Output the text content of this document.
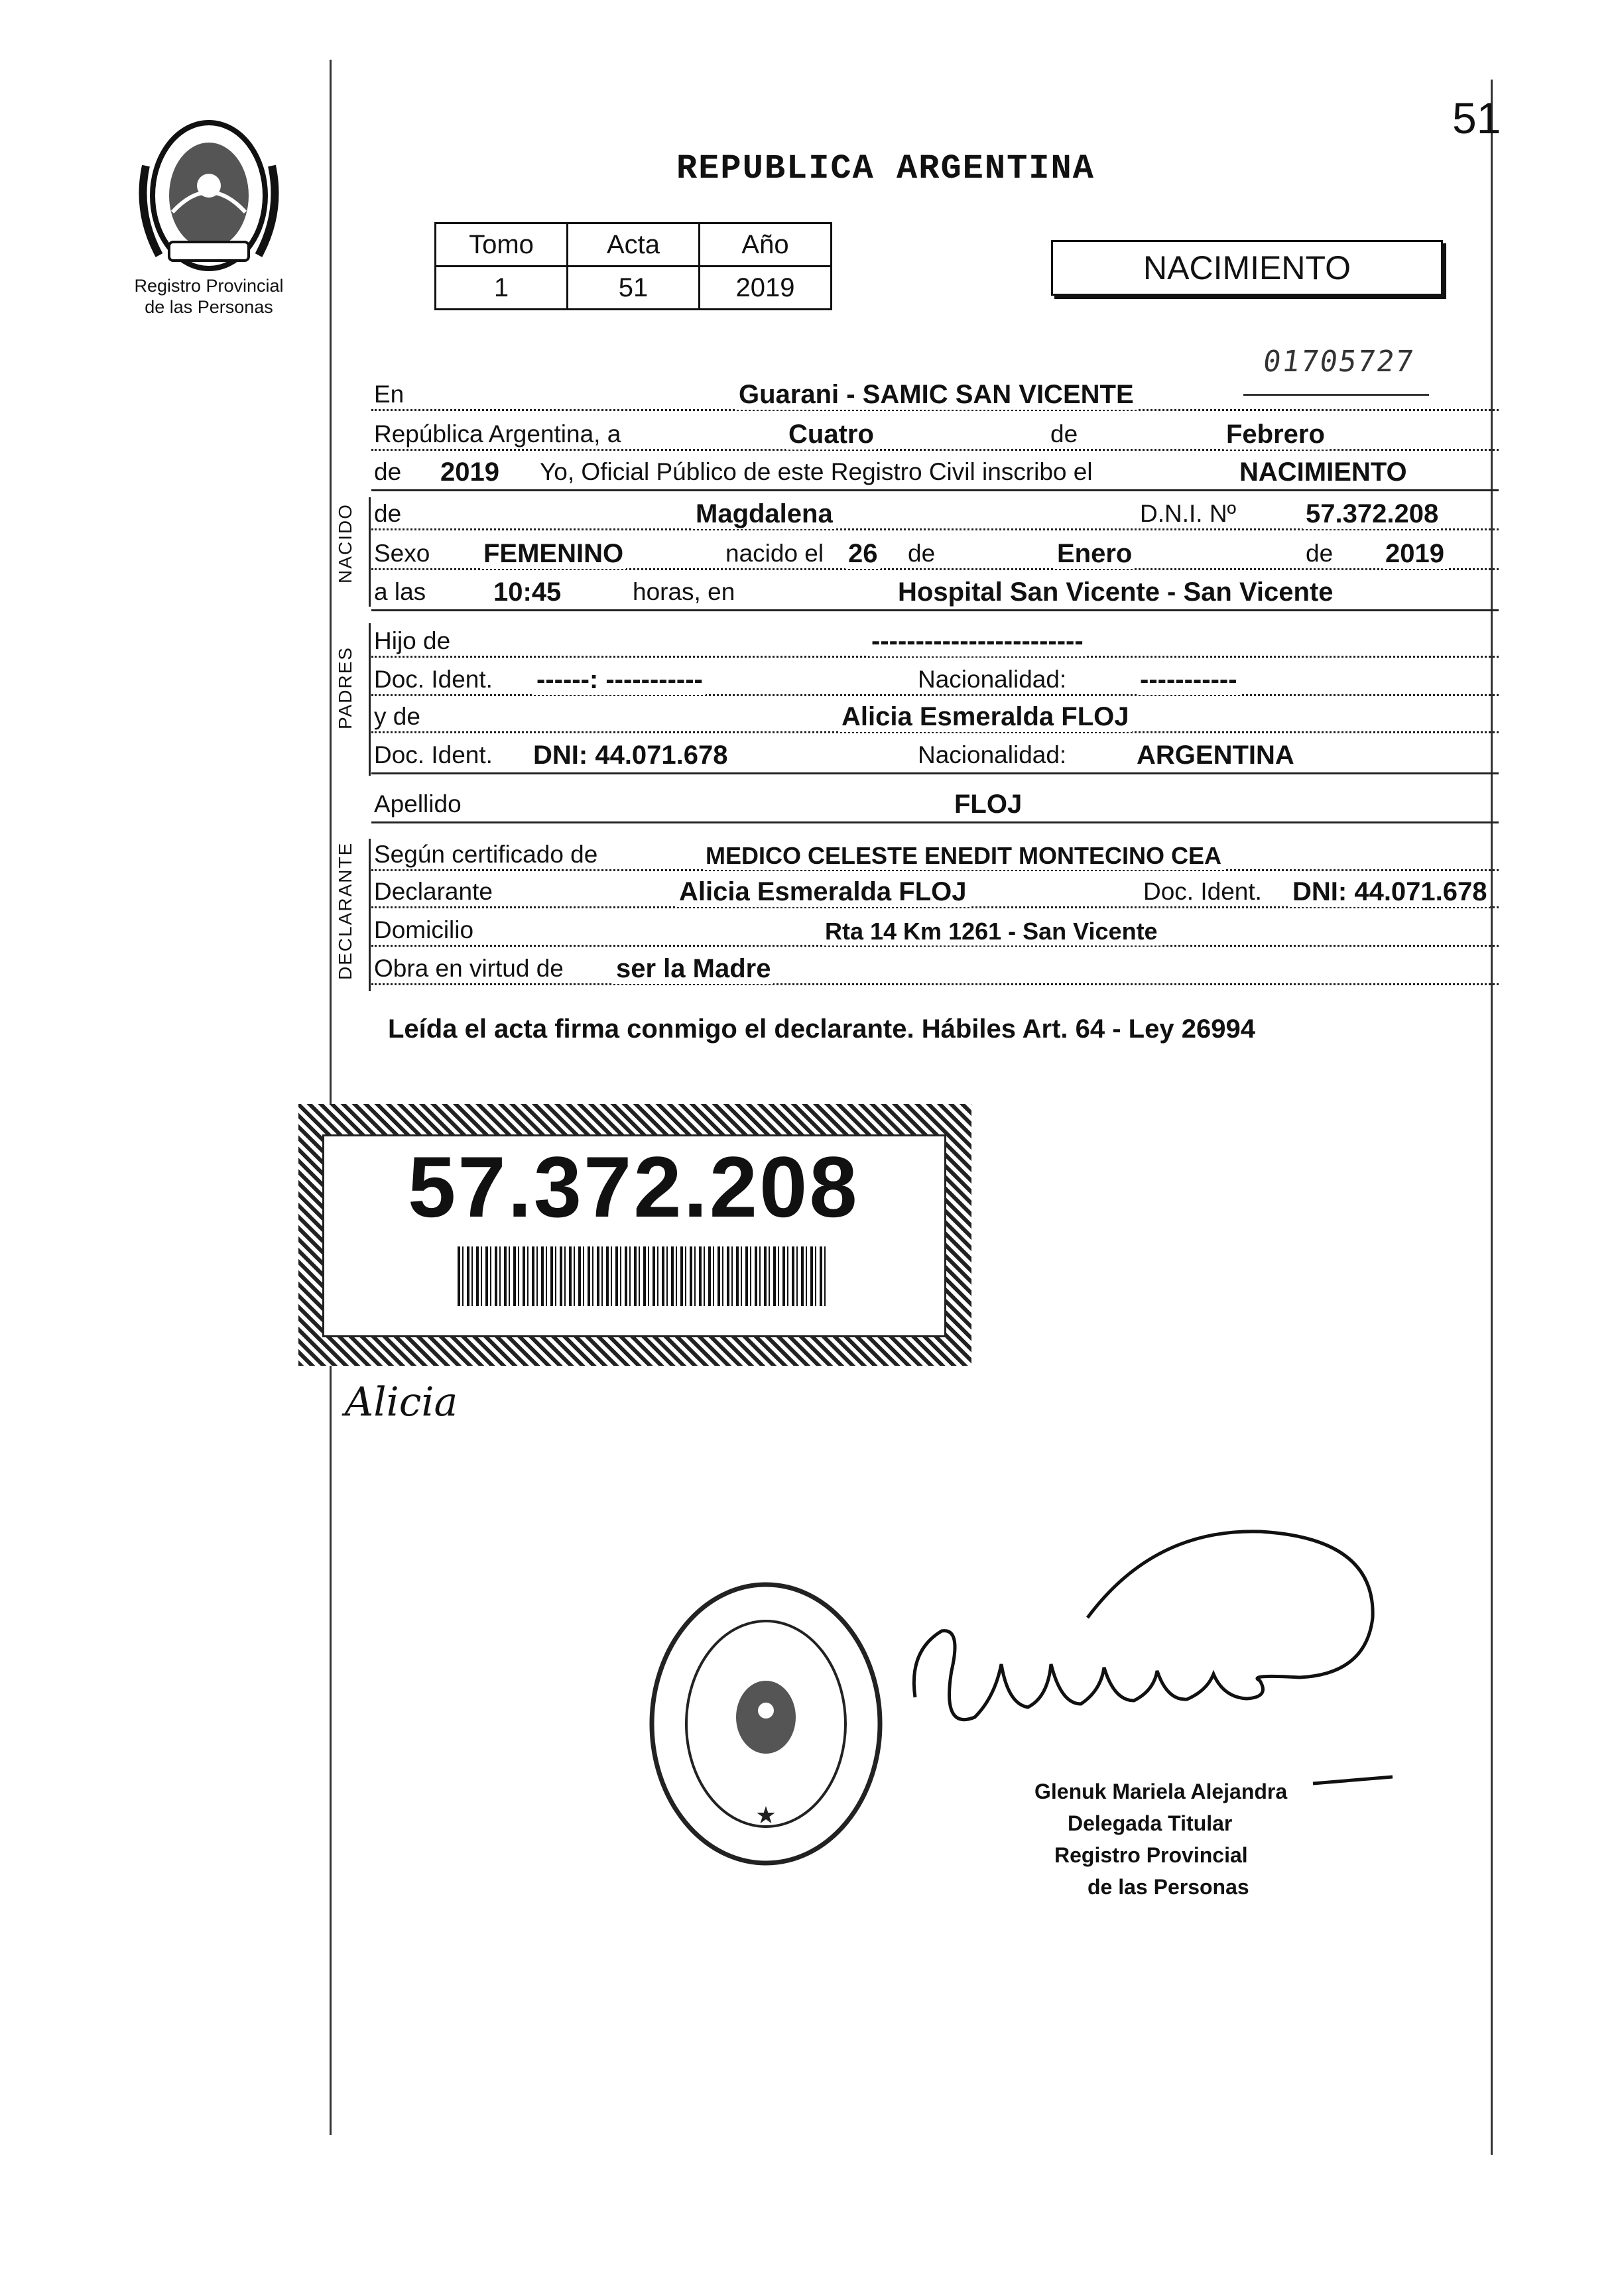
51
Registro Provincial
de las Personas
REPUBLICA ARGENTINA
Tomo	Acta	Año
1	51	2019
NACIMIENTO
01705727
En	Guarani - SAMIC SAN VICENTE
República Argentina, a	Cuatro	de	Febrero
de 2019 Yo, Oficial Público de este Registro Civil inscribo el	NACIMIENTO
NACIDO de	Magdalena	D.N.I. Nº	57.372.208
Sexo FEMENINO	nacido el 26 de	Enero	de 2019
a las	10:45	horas, en	Hospital San Vicente - San Vicente
PADRES
Hijo de	------------------------
Doc. Ident. ------: -----------	Nacionalidad:	-----------
y de	Alicia Esmeralda FLOJ
Doc. Ident. DNI: 44.071.678	Nacionalidad:	ARGENTINA
Apellido	FLOJ
DECLARANTE Según certificado de	MEDICO CELESTE ENEDIT MONTECINO CEA
Declarante	Alicia Esmeralda FLOJ	Doc. Ident. DNI: 44.071.678
Domicilio	Rta 14 Km 1261 - San Vicente
Obra en virtud de ser la Madre
Leída el acta firma conmigo el declarante. Hábiles Art. 64 - Ley 26994
57.372.208
Alicia
★
Glenuk Mariela Alejandra
Delegada Titular
Registro Provincial
de las Personas
